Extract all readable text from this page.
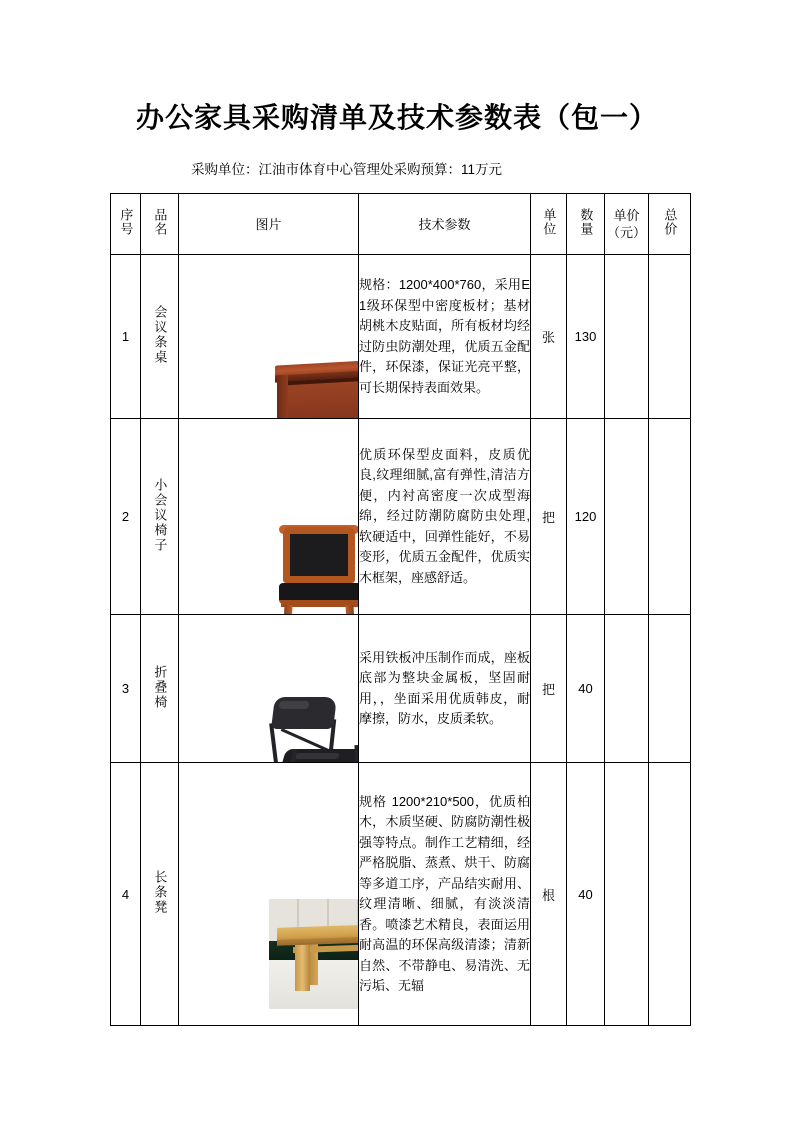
办公家具采购清单及技术参数表（包一）

采购单位：江油市体育中心管理处采购预算：11万元

序号	品名	图片	技术参数	单位	数量	单价（元）	总价
1	会议条桌		规格：1200*400*760，采用E1级环保型中密度板材；基材胡桃木皮贴面，所有板材均经过防虫防潮处理，优质五金配件，环保漆，保证光亮平整，可长期保持表面效果。	张	130		
2	小会议椅子		优质环保型皮面料，皮质优良,纹理细腻,富有弹性,清洁方便，内衬高密度一次成型海绵，经过防潮防腐防虫处理,软硬适中，回弹性能好，不易变形，优质五金配件，优质实木框架，座感舒适。	把	120		
3	折叠椅		采用铁板冲压制作而成，座板底部为整块金属板，坚固耐用，，坐面采用优质韩皮，耐摩擦，防水，皮质柔软。	把	40		
4	长条凳		规格 1200*210*500，优质柏木，木质坚硬、防腐防潮性极强等特点。制作工艺精细，经严格脱脂、蒸煮、烘干、防腐等多道工序，产品结实耐用、纹理清晰、细腻，有淡淡清香。喷漆艺术精良，表面运用耐高温的环保高级清漆；清新自然、不带静电、易清洗、无污垢、无辐	根	40		
